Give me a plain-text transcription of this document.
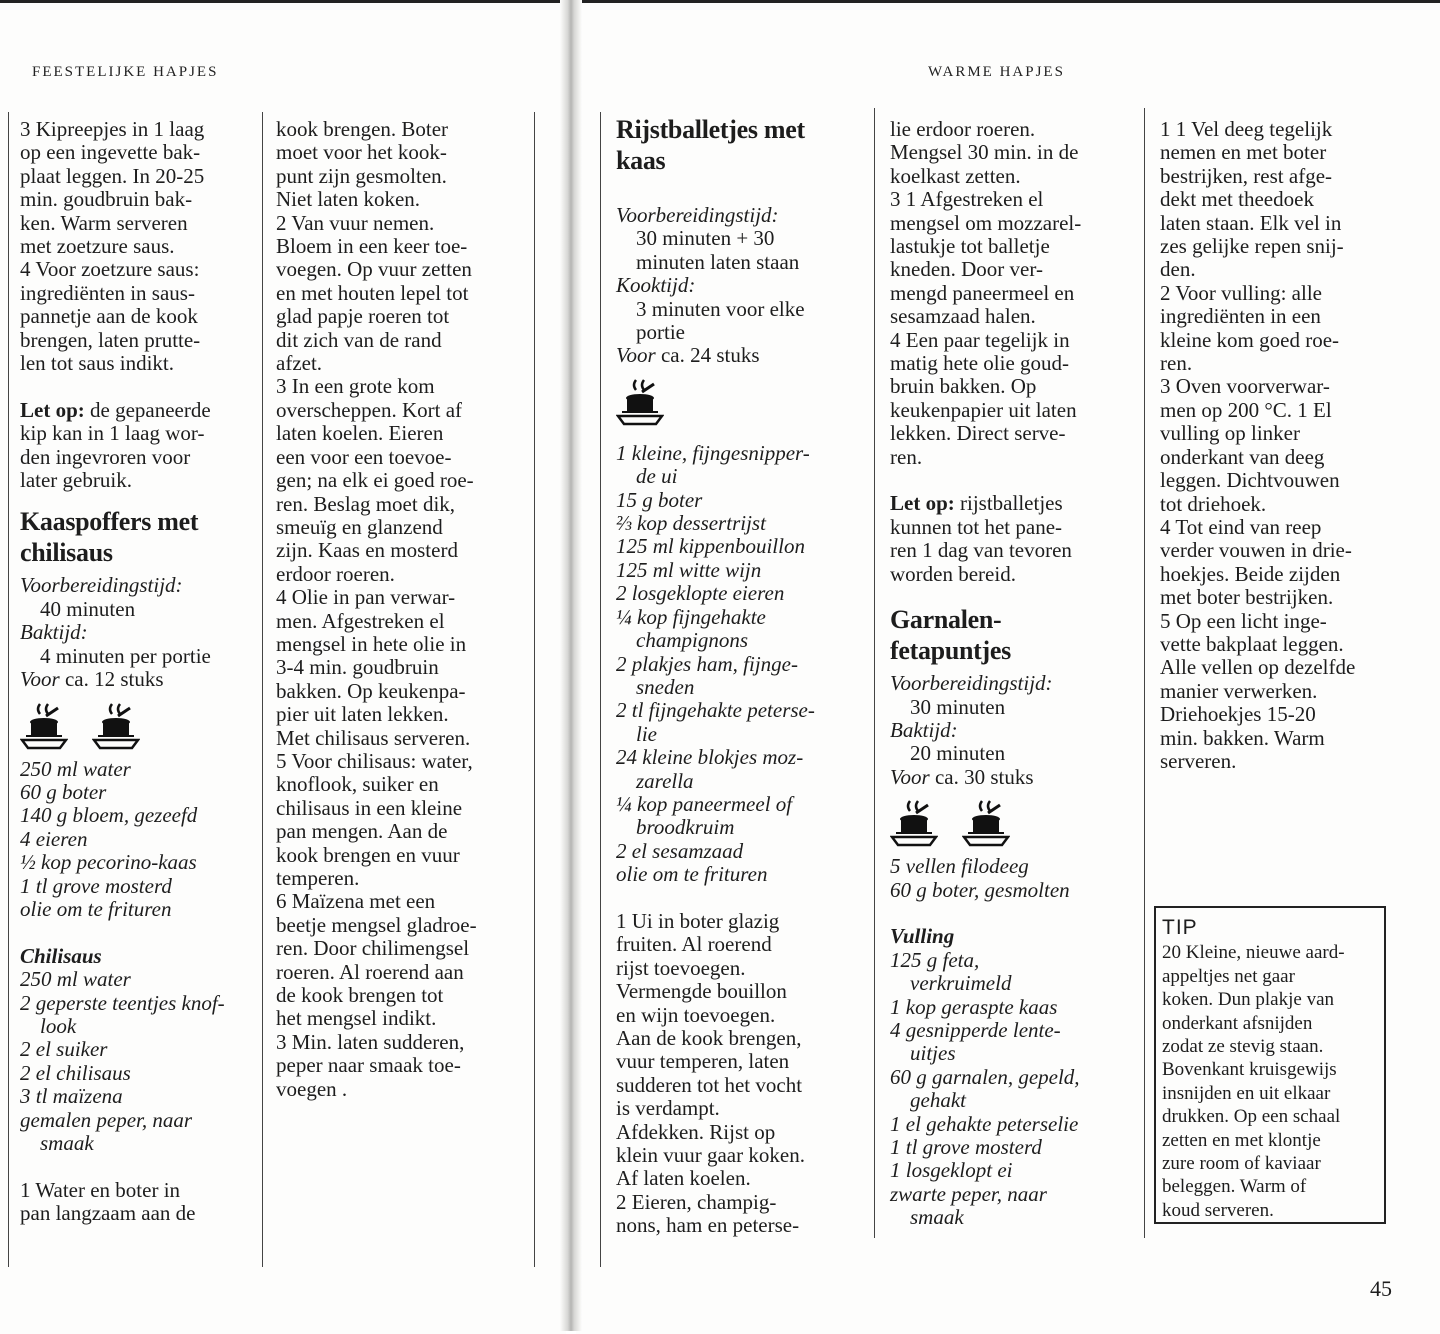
FEESTELIJKE HAPJES	WARME HAPJES
3 Kipreepjes in 1 laag
op een ingevette bak-
plaat leggen. In 20-25
min. goudbruin bak-
ken. Warm serveren
met zoetzure saus.
4 Voor zoetzure saus:
ingrediënten in saus-
pannetje aan de kook
brengen, laten prutte-
len tot saus indikt.

Let op: de gepaneerde

kip kan in 1 laag wor-
den ingevroren voor
later gebruik.
Kaaspoffers met
chilisaus

Voorbereidingstijd:

40 minuten

Baktijd:

4 minuten per portie

Voor ca. 12 stuks

250 ml water
60 g boter
140 g bloem, gezeefd
4 eieren
½ kop pecorino-kaas
1 tl grove mosterd
olie om te frituren

Chilisaus

250 ml water
2 geperste teentjes knof-
look
2 el suiker
2 el chilisaus
3 tl maïzena
gemalen peper, naar
smaak
1 Water en boter in
pan langzaam aan de
kook brengen. Boter
moet voor het kook-
punt zijn gesmolten.
Niet laten koken.
2 Van vuur nemen.
Bloem in een keer toe-
voegen. Op vuur zetten
en met houten lepel tot
glad papje roeren tot
dit zich van de rand
afzet.
3 In een grote kom
overscheppen. Kort af
laten koelen. Eieren
een voor een toevoe-
gen; na elk ei goed roe-
ren. Beslag moet dik,
smeuïg en glanzend
zijn. Kaas en mosterd
erdoor roeren.
4 Olie in pan verwar-
men. Afgestreken el
mengsel in hete olie in
3-4 min. goudbruin
bakken. Op keukenpa-
pier uit laten lekken.
Met chilisaus serveren.
5 Voor chilisaus: water,
knoflook, suiker en
chilisaus in een kleine
pan mengen. Aan de
kook brengen en vuur
temperen.
6 Maïzena met een
beetje mengsel gladroe-
ren. Door chilimengsel
roeren. Al roerend aan
de kook brengen tot
het mengsel indikt.
3 Min. laten sudderen,
peper naar smaak toe-
voegen .
Rijstballetjes met
kaas

Voorbereidingstijd:

30 minuten + 30
minuten laten staan

Kooktijd:

3 minuten voor elke
portie

Voor ca. 24 stuks

1 kleine, fijngesnipper-
de ui
15 g boter
⅔ kop dessertrijst
125 ml kippenbouillon
125 ml witte wijn
2 losgeklopte eieren
¼ kop fijngehakte
champignons
2 plakjes ham, fijnge-
sneden
2 tl fijngehakte peterse-
lie
24 kleine blokjes moz-
zarella
¼ kop paneermeel of
broodkruim
2 el sesamzaad
olie om te frituren
1 Ui in boter glazig
fruiten. Al roerend
rijst toevoegen.
Vermengde bouillon
en wijn toevoegen.
Aan de kook brengen,
vuur temperen, laten
sudderen tot het vocht
is verdampt.
Afdekken. Rijst op
klein vuur gaar koken.
Af laten koelen.
2 Eieren, champig-
nons, ham en peterse-
lie erdoor roeren.
Mengsel 30 min. in de
koelkast zetten.
3 1 Afgestreken el
mengsel om mozzarel-
lastukje tot balletje
kneden. Door ver-
mengd paneermeel en
sesamzaad halen.
4 Een paar tegelijk in
matig hete olie goud-
bruin bakken. Op
keukenpapier uit laten
lekken. Direct serve-
ren.

Let op: rijstballetjes

kunnen tot het pane-
ren 1 dag van tevoren
worden bereid.
Garnalen-
fetapuntjes

Voorbereidingstijd:

30 minuten

Baktijd:

20 minuten

Voor ca. 30 stuks

5 vellen filodeeg
60 g boter, gesmolten

Vulling

125 g feta,
verkruimeld
1 kop geraspte kaas
4 gesnipperde lente-
uitjes
60 g garnalen, gepeld,
gehakt
1 el gehakte peterselie
1 tl grove mosterd
1 losgeklopt ei
zwarte peper, naar
smaak
1 1 Vel deeg tegelijk
nemen en met boter
bestrijken, rest afge-
dekt met theedoek
laten staan. Elk vel in
zes gelijke repen snij-
den.
2 Voor vulling: alle
ingrediënten in een
kleine kom goed roe-
ren.
3 Oven voorverwar-
men op 200 °C. 1 El
vulling op linker
onderkant van deeg
leggen. Dichtvouwen
tot driehoek.
4 Tot eind van reep
verder vouwen in drie-
hoekjes. Beide zijden
met boter bestrijken.
5 Op een licht inge-
vette bakplaat leggen.
Alle vellen op dezelfde
manier verwerken.
Driehoekjes 15-20
min. bakken. Warm
serveren.

TIP

20 Kleine, nieuwe aard-
appeltjes net gaar
koken. Dun plakje van
onderkant afsnijden
zodat ze stevig staan.
Bovenkant kruisgewijs
insnijden en uit elkaar
drukken. Op een schaal
zetten en met klontje
zure room of kaviaar
beleggen. Warm of
koud serveren.
45
